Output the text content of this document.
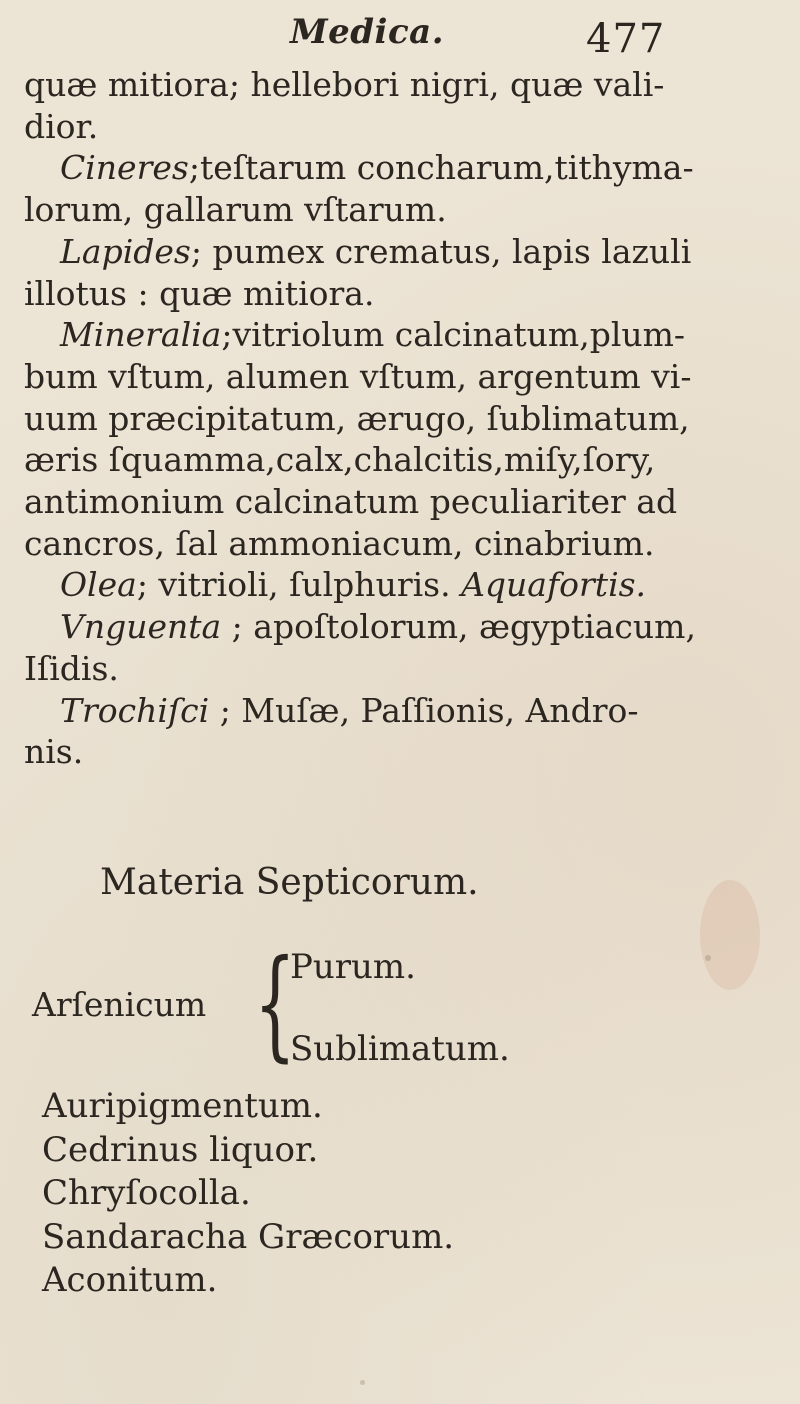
Medica.	477
quæ mitiora; hellebori nigri, quæ vali-
dior.
Cineres;teſtarum concharum,tithyma-
lorum, gallarum vſtarum.
Lapides; pumex crematus, lapis lazuli
illotus : quæ mitiora.
Mineralia;vitriolum calcinatum,plum-
bum vſtum, alumen vſtum, argentum vi-
uum præcipitatum, ærugo, ſublimatum,
æris ſquamma,calx,chalcitis,miſy,ſory,
antimonium calcinatum peculiariter ad
cancros, ſal ammoniacum, cinabrium.
Olea; vitrioli, ſulphuris. Aquafortis.
Vnguenta ; apoſtolorum, ægyptiacum,
Iſidis.
Trochiſci ; Muſæ, Paſſionis, Andro-
nis.
Materia Septicorum.
Arſenicum {
Purum.
Sublimatum.
Auripigmentum.
Cedrinus liquor.
Chryſocolla.
Sandaracha Græcorum.
Aconitum.
